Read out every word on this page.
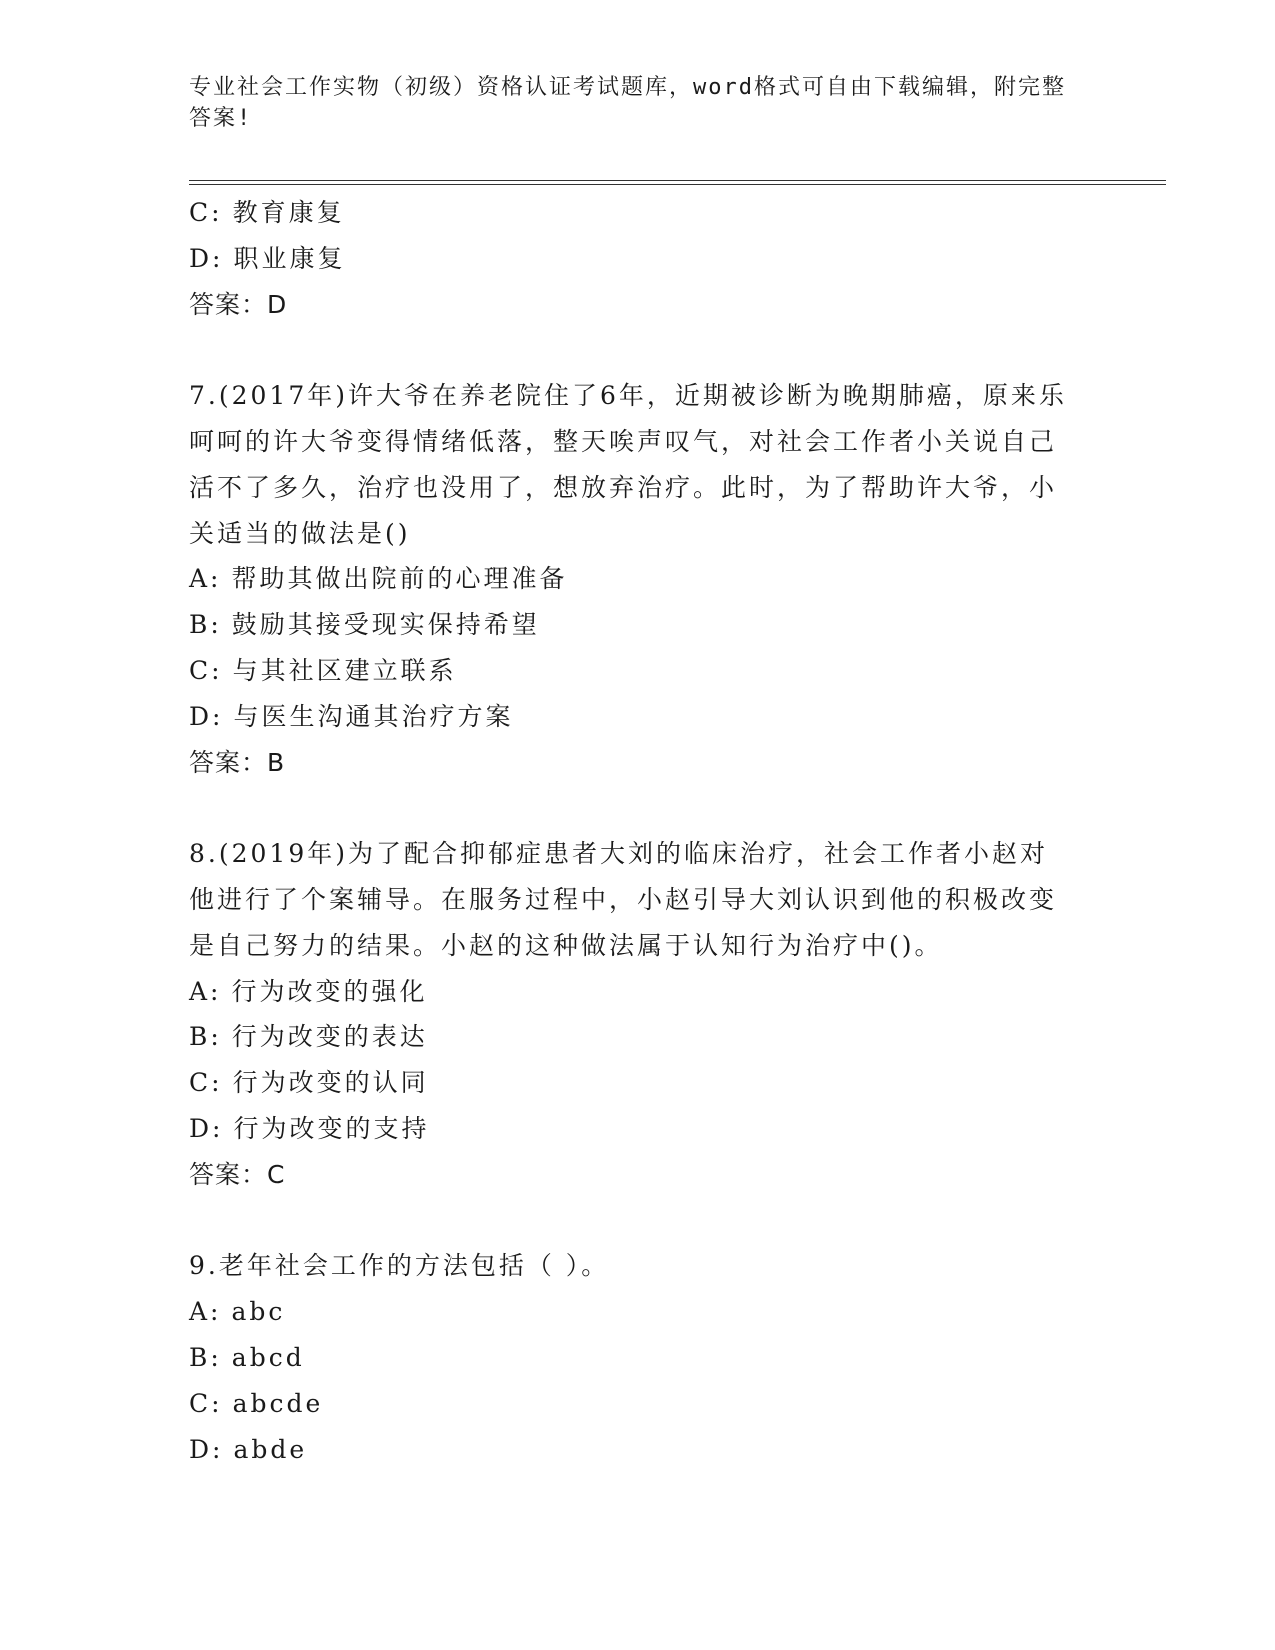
专业社会工作实物（初级）资格认证考试题库，word格式可自由下载编辑，附完整答案!
C: 教育康复
D: 职业康复
答案：D
7.(2017年)许大爷在养老院住了6年，近期被诊断为晚期肺癌，原来乐呵呵的许大爷变得情绪低落，整天唉声叹气，对社会工作者小关说自己活不了多久，治疗也没用了，想放弃治疗。此时，为了帮助许大爷，小关适当的做法是()
A: 帮助其做出院前的心理准备
B: 鼓励其接受现实保持希望
C: 与其社区建立联系
D: 与医生沟通其治疗方案
答案：B
8.(2019年)为了配合抑郁症患者大刘的临床治疗，社会工作者小赵对他进行了个案辅导。在服务过程中，小赵引导大刘认识到他的积极改变是自己努力的结果。小赵的这种做法属于认知行为治疗中()。
A: 行为改变的强化
B: 行为改变的表达
C: 行为改变的认同
D: 行为改变的支持
答案：C
9.老年社会工作的方法包括（ ）。
A: abc
B: abcd
C: abcde
D: abde
